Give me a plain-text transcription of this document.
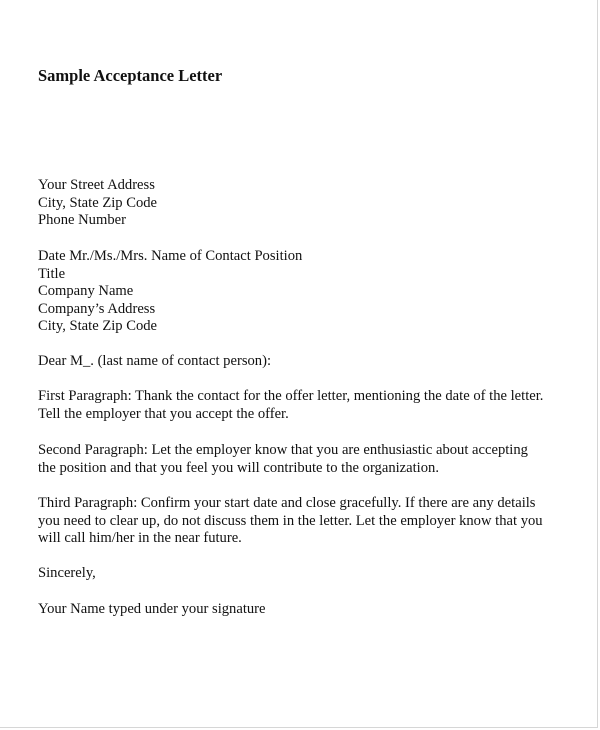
Sample Acceptance Letter
Your Street Address
City, State Zip Code
Phone Number
Date Mr./Ms./Mrs. Name of Contact Position
Title
Company Name
Company’s Address
City, State Zip Code
Dear M_. (last name of contact person):
First Paragraph: Thank the contact for the offer letter, mentioning the date of the letter.
Tell the employer that you accept the offer.
Second Paragraph: Let the employer know that you are enthusiastic about accepting
the position and that you feel you will contribute to the organization.
Third Paragraph: Confirm your start date and close gracefully. If there are any details
you need to clear up, do not discuss them in the letter. Let the employer know that you
will call him/her in the near future.
Sincerely,
Your Name typed under your signature
